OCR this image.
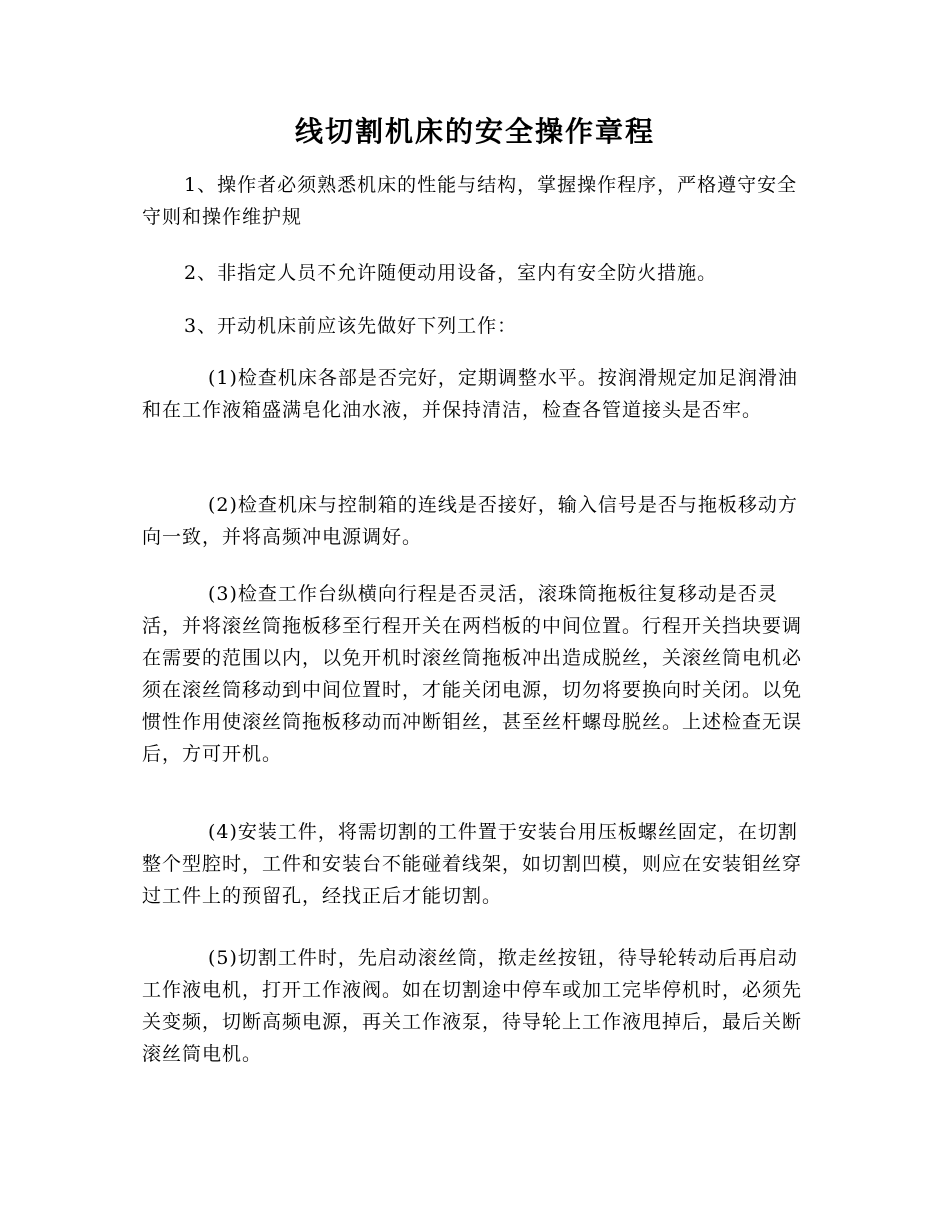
线切割机床的安全操作章程

1、操作者必须熟悉机床的性能与结构，掌握操作程序，严格遵守安全守则和操作维护规

2、非指定人员不允许随便动用设备，室内有安全防火措施。

3、开动机床前应该先做好下列工作：

(1)检查机床各部是否完好，定期调整水平。按润滑规定加足润滑油和在工作液箱盛满皂化油水液，并保持清洁，检查各管道接头是否牢。

(2)检查机床与控制箱的连线是否接好，输入信号是否与拖板移动方向一致，并将高频冲电源调好。

(3)检查工作台纵横向行程是否灵活，滚珠筒拖板往复移动是否灵活，并将滚丝筒拖板移至行程开关在两档板的中间位置。行程开关挡块要调在需要的范围以内，以免开机时滚丝筒拖板冲出造成脱丝，关滚丝筒电机必须在滚丝筒移动到中间位置时，才能关闭电源，切勿将要换向时关闭。以免惯性作用使滚丝筒拖板移动而冲断钼丝，甚至丝杆螺母脱丝。上述检查无误后，方可开机。

(4)安装工件，将需切割的工件置于安装台用压板螺丝固定，在切割整个型腔时，工件和安装台不能碰着线架，如切割凹模，则应在安装钼丝穿过工件上的预留孔，经找正后才能切割。

(5)切割工件时，先启动滚丝筒，揿走丝按钮，待导轮转动后再启动工作液电机，打开工作液阀。如在切割途中停车或加工完毕停机时，必须先关变频，切断高频电源，再关工作液泵，待导轮上工作液甩掉后，最后关断滚丝筒电机。
